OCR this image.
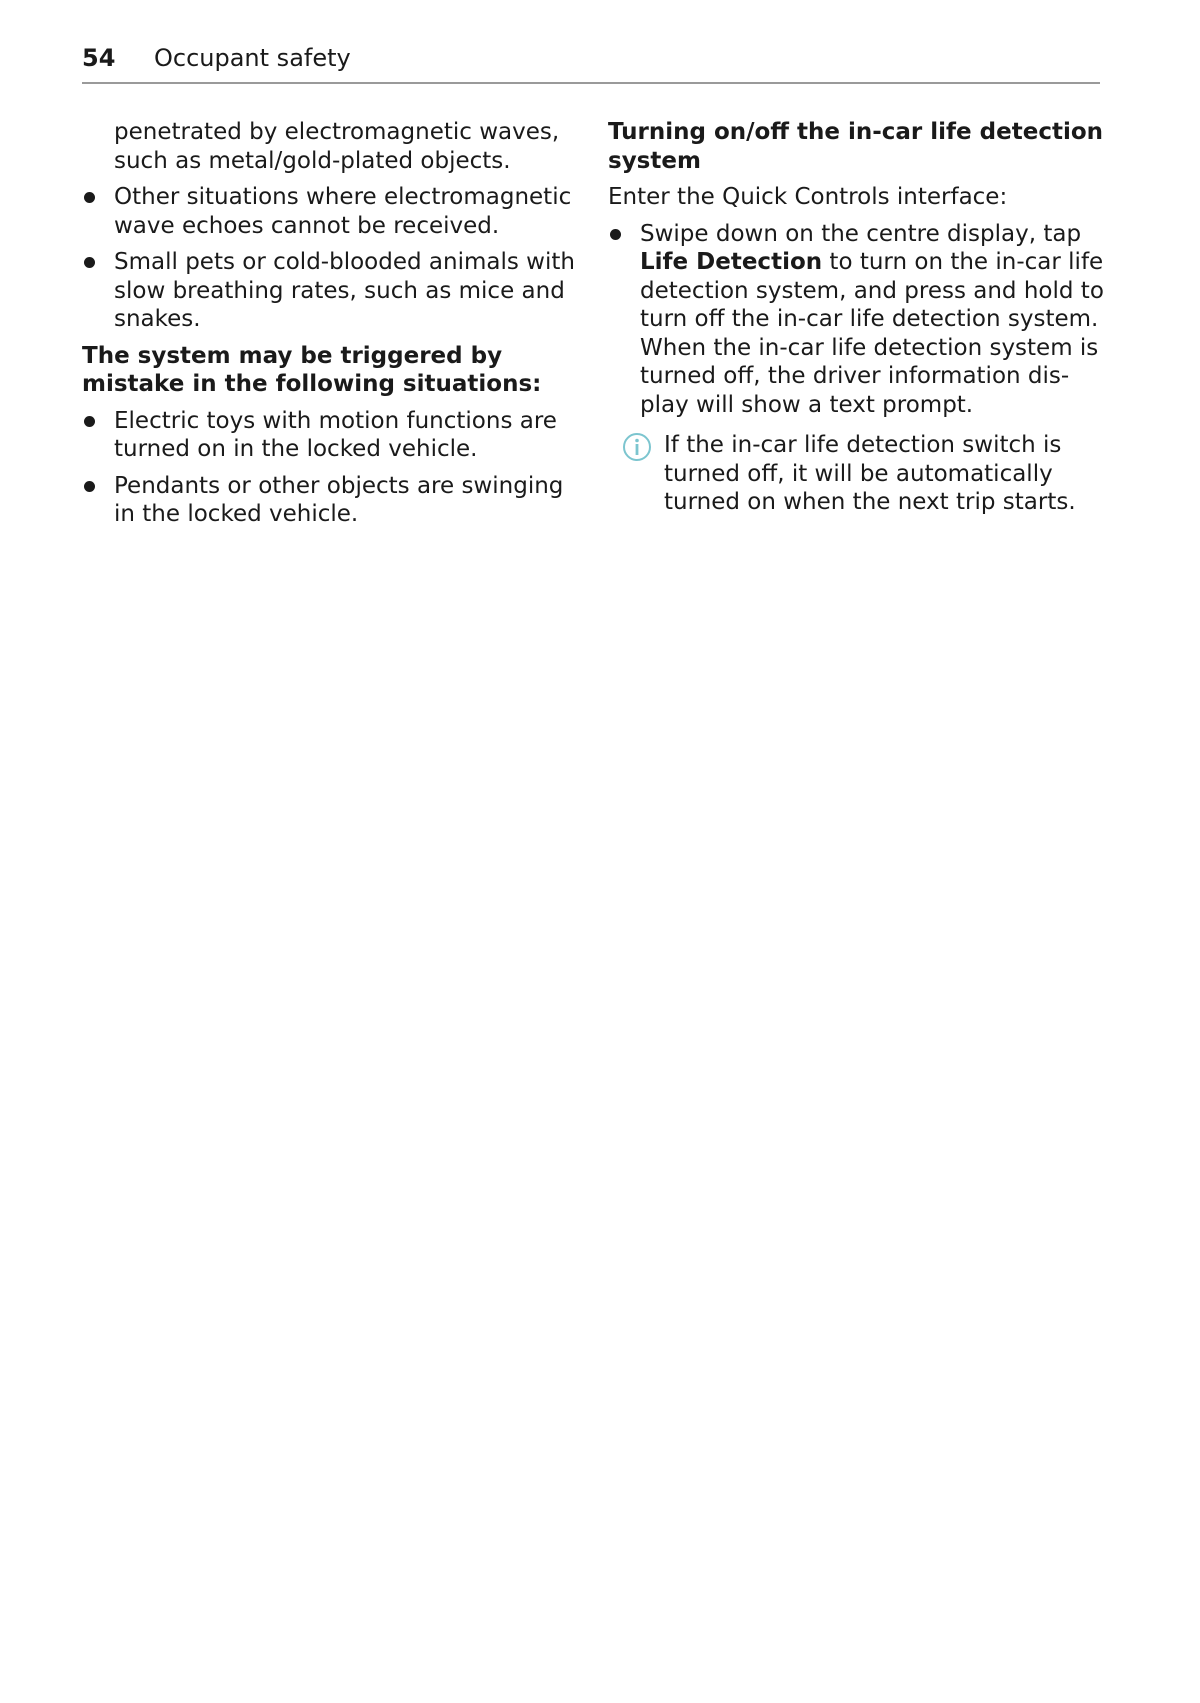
54 Occupant safety

penetrated by electromagnetic waves, such as metal/gold-plated objects.

Other situations where electromagnetic wave echoes cannot be received.
Small pets or cold-blooded animals with slow breathing rates, such as mice and snakes.

The system may be triggered by mistake in the following situations:

Electric toys with motion functions are turned on in the locked vehicle.
Pendants or other objects are swinging in the locked vehicle.

Turning on/off the in-car life detection system

Enter the Quick Controls interface:

Swipe down on the centre display, tap Life Detection to turn on the in-car life detection system, and press and hold to turn off the in-car life detection system. When the in-car life detection system is turned off, the driver information dis-play will show a text prompt.
If the in-car life detection switch is turned off, it will be automatically turned on when the next trip starts.
